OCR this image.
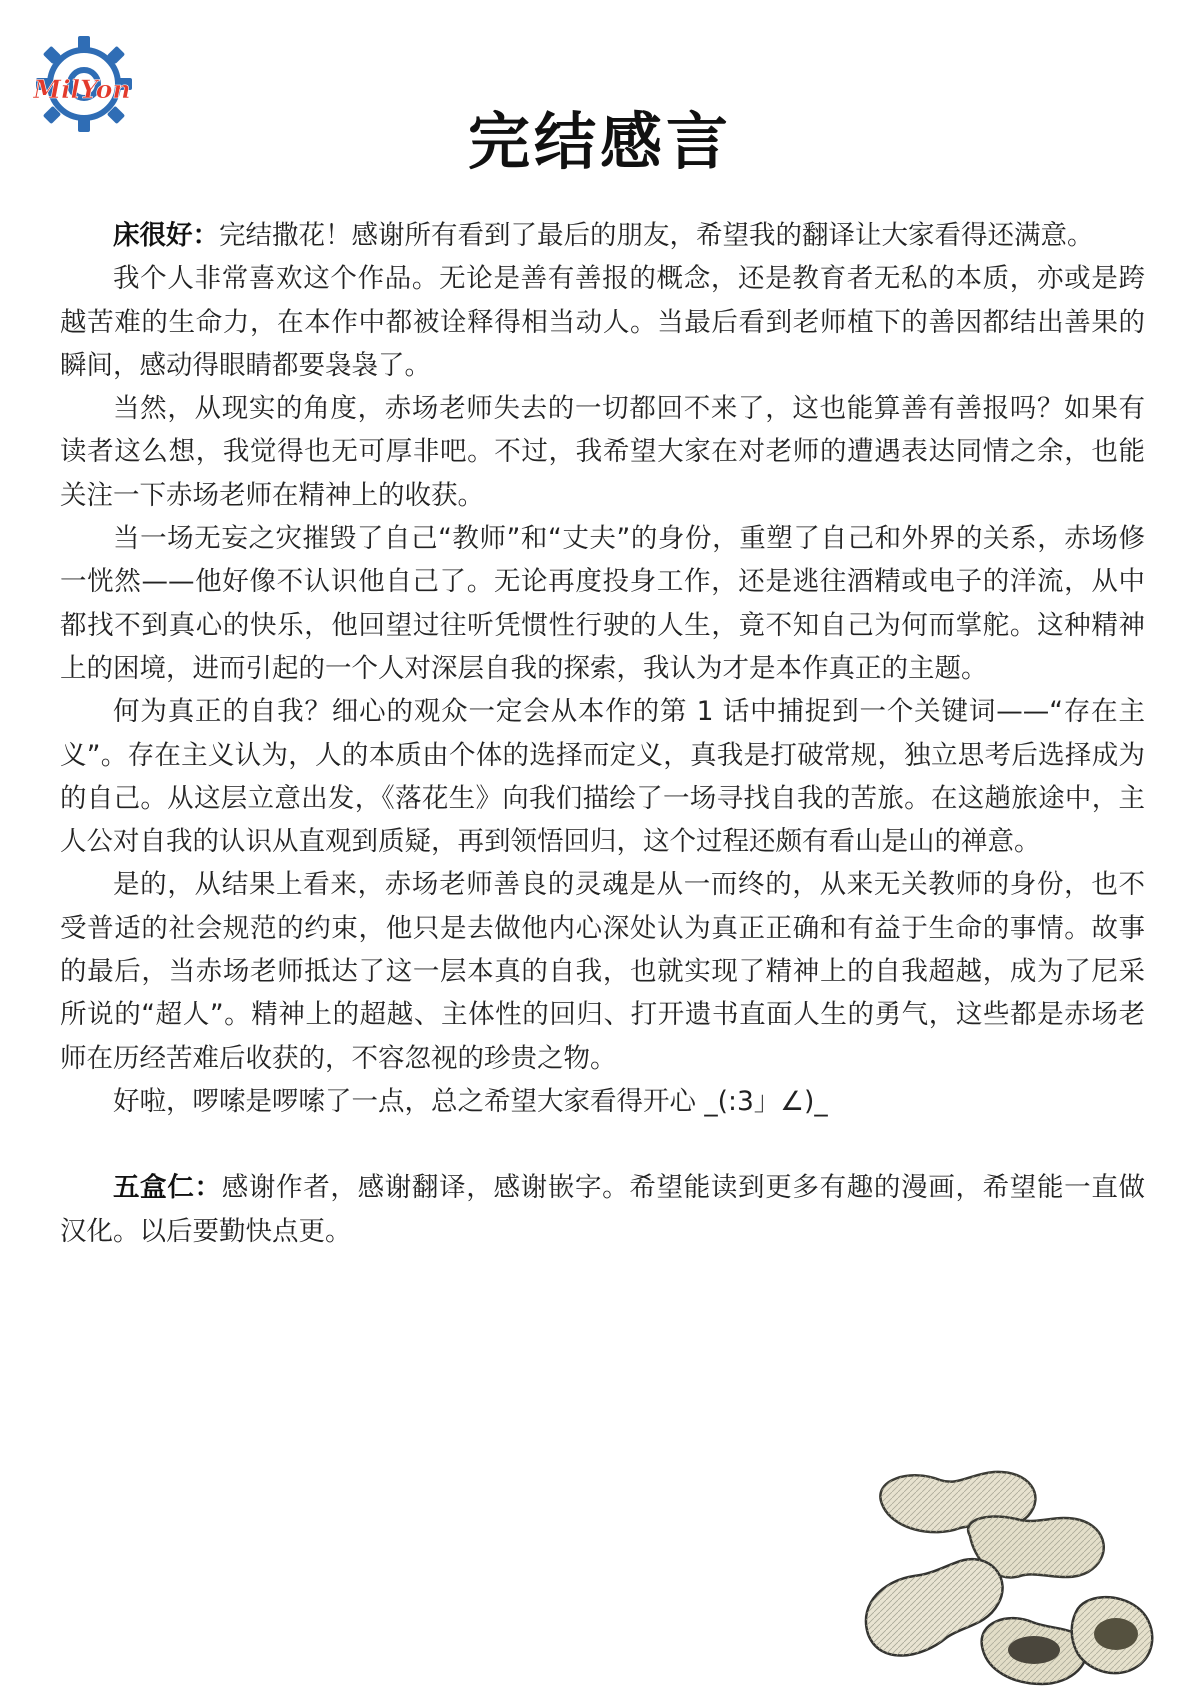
MilYon
完结感言

床很好：完结撒花！感谢所有看到了最后的朋友，希望我的翻译让大家看得还满意。

我个人非常喜欢这个作品。无论是善有善报的概念，还是教育者无私的本质，亦或是跨越苦难的生命力，在本作中都被诠释得相当动人。当最后看到老师植下的善因都结出善果的瞬间，感动得眼睛都要袅袅了。

当然，从现实的角度，赤场老师失去的一切都回不来了，这也能算善有善报吗？如果有读者这么想，我觉得也无可厚非吧。不过，我希望大家在对老师的遭遇表达同情之余，也能关注一下赤场老师在精神上的收获。

当一场无妄之灾摧毁了自己“教师”和“丈夫”的身份，重塑了自己和外界的关系，赤场修一恍然——他好像不认识他自己了。无论再度投身工作，还是逃往酒精或电子的洋流，从中都找不到真心的快乐，他回望过往听凭惯性行驶的人生，竟不知自己为何而掌舵。这种精神上的困境，进而引起的一个人对深层自我的探索，我认为才是本作真正的主题。

何为真正的自我？细心的观众一定会从本作的第 1 话中捕捉到一个关键词——“存在主义”。存在主义认为，人的本质由个体的选择而定义，真我是打破常规，独立思考后选择成为的自己。从这层立意出发，《落花生》向我们描绘了一场寻找自我的苦旅。在这趟旅途中，主人公对自我的认识从直观到质疑，再到领悟回归，这个过程还颇有看山是山的禅意。

是的，从结果上看来，赤场老师善良的灵魂是从一而终的，从来无关教师的身份，也不受普适的社会规范的约束，他只是去做他内心深处认为真正正确和有益于生命的事情。故事的最后，当赤场老师抵达了这一层本真的自我，也就实现了精神上的自我超越，成为了尼采所说的“超人”。精神上的超越、主体性的回归、打开遗书直面人生的勇气，这些都是赤场老师在历经苦难后收获的，不容忽视的珍贵之物。

好啦，啰嗦是啰嗦了一点，总之希望大家看得开心 _(:3」∠)_

五盒仁：感谢作者，感谢翻译，感谢嵌字。希望能读到更多有趣的漫画，希望能一直做汉化。以后要勤快点更。
